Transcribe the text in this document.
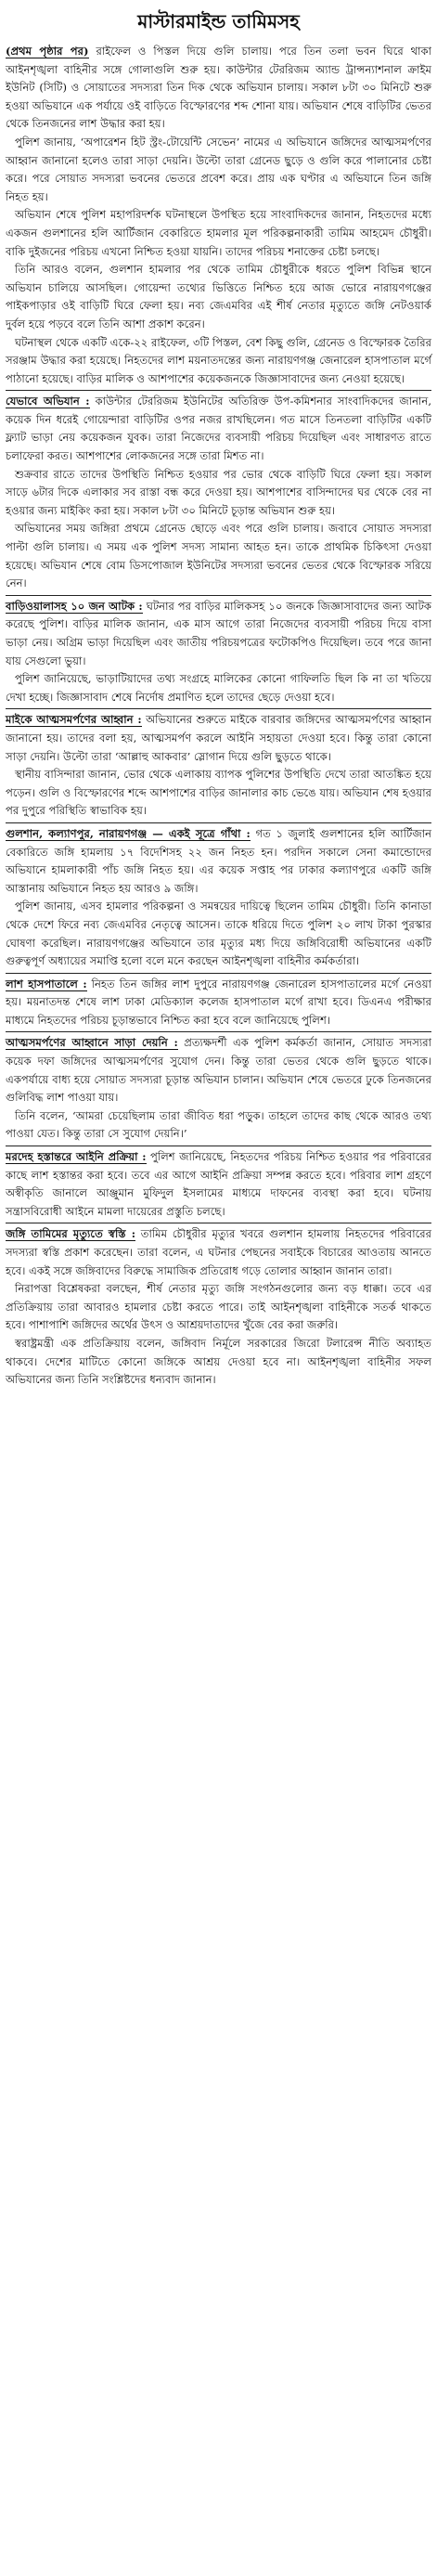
মাস্টারমাইন্ড তামিমসহ

(প্রথম পৃষ্ঠার পর) রাইফেল ও পিস্তল দিয়ে গুলি চালায়। পরে তিন তলা ভবন ঘিরে থাকা আইনশৃঙ্খলা বাহিনীর সঙ্গে গোলাগুলি শুরু হয়। কাউন্টার টেররিজম অ্যান্ড ট্রান্সন্যাশনাল ক্রাইম ইউনিট (সিটি) ও সোয়াতের সদস্যরা তিন দিক থেকে অভিযান চালায়। সকাল ৮টা ৩০ মিনিটে শুরু হওয়া অভিযানে এক পর্যায়ে ওই বাড়িতে বিস্ফোরণের শব্দ শোনা যায়। অভিযান শেষে বাড়িটির ভেতর থেকে তিনজনের লাশ উদ্ধার করা হয়।

পুলিশ জানায়, ‘অপারেশন হিট স্ট্রং-টোয়েন্টি সেভেন’ নামের এ অভিযানে জঙ্গিদের আত্মসমর্পণের আহ্বান জানানো হলেও তারা সাড়া দেয়নি। উল্টো তারা গ্রেনেড ছুড়ে ও গুলি করে পালানোর চেষ্টা করে। পরে সোয়াত সদস্যরা ভবনের ভেতরে প্রবেশ করে। প্রায় এক ঘণ্টার এ অভিযানে তিন জঙ্গি নিহত হয়।

অভিযান শেষে পুলিশ মহাপরিদর্শক ঘটনাস্থলে উপস্থিত হয়ে সাংবাদিকদের জানান, নিহতদের মধ্যে একজন গুলশানের হলি আর্টিজান বেকারিতে হামলার মূল পরিকল্পনাকারী তামিম আহমেদ চৌধুরী। বাকি দুইজনের পরিচয় এখনো নিশ্চিত হওয়া যায়নি। তাদের পরিচয় শনাক্তের চেষ্টা চলছে।

তিনি আরও বলেন, গুলশান হামলার পর থেকে তামিম চৌধুরীকে ধরতে পুলিশ বিভিন্ন স্থানে অভিযান চালিয়ে আসছিল। গোয়েন্দা তথ্যের ভিত্তিতে নিশ্চিত হয়ে আজ ভোরে নারায়ণগঞ্জের পাইকপাড়ার ওই বাড়িটি ঘিরে ফেলা হয়। নব্য জেএমবির এই শীর্ষ নেতার মৃত্যুতে জঙ্গি নেটওয়ার্ক দুর্বল হয়ে পড়বে বলে তিনি আশা প্রকাশ করেন।

ঘটনাস্থল থেকে একটি একে-২২ রাইফেল, ৩টি পিস্তল, বেশ কিছু গুলি, গ্রেনেড ও বিস্ফোরক তৈরির সরঞ্জাম উদ্ধার করা হয়েছে। নিহতদের লাশ ময়নাতদন্তের জন্য নারায়ণগঞ্জ জেনারেল হাসপাতাল মর্গে পাঠানো হয়েছে। বাড়ির মালিক ও আশপাশের কয়েকজনকে জিজ্ঞাসাবাদের জন্য নেওয়া হয়েছে।

যেভাবে অভিযান : কাউন্টার টেররিজম ইউনিটের অতিরিক্ত উপ-কমিশনার সাংবাদিকদের জানান, কয়েক দিন ধরেই গোয়েন্দারা বাড়িটির ওপর নজর রাখছিলেন। গত মাসে তিনতলা বাড়িটির একটি ফ্ল্যাট ভাড়া নেয় কয়েকজন যুবক। তারা নিজেদের ব্যবসায়ী পরিচয় দিয়েছিল এবং সাধারণত রাতে চলাফেরা করত। আশপাশের লোকজনের সঙ্গে তারা মিশত না।

শুক্রবার রাতে তাদের উপস্থিতি নিশ্চিত হওয়ার পর ভোর থেকে বাড়িটি ঘিরে ফেলা হয়। সকাল সাড়ে ৬টার দিকে এলাকার সব রাস্তা বন্ধ করে দেওয়া হয়। আশপাশের বাসিন্দাদের ঘর থেকে বের না হওয়ার জন্য মাইকিং করা হয়। সকাল ৮টা ৩০ মিনিটে চূড়ান্ত অভিযান শুরু হয়।

অভিযানের সময় জঙ্গিরা প্রথমে গ্রেনেড ছোড়ে এবং পরে গুলি চালায়। জবাবে সোয়াত সদস্যরা পাল্টা গুলি চালায়। এ সময় এক পুলিশ সদস্য সামান্য আহত হন। তাকে প্রাথমিক চিকিৎসা দেওয়া হয়েছে। অভিযান শেষে বোম ডিসপোজাল ইউনিটের সদস্যরা ভবনের ভেতর থেকে বিস্ফোরক সরিয়ে নেন।

বাড়িওয়ালাসহ ১০ জন আটক : ঘটনার পর বাড়ির মালিকসহ ১০ জনকে জিজ্ঞাসাবাদের জন্য আটক করেছে পুলিশ। বাড়ির মালিক জানান, এক মাস আগে তারা নিজেদের ব্যবসায়ী পরিচয় দিয়ে বাসা ভাড়া নেয়। অগ্রিম ভাড়া দিয়েছিল এবং জাতীয় পরিচয়পত্রের ফটোকপিও দিয়েছিল। তবে পরে জানা যায় সেগুলো ভুয়া।

পুলিশ জানিয়েছে, ভাড়াটিয়াদের তথ্য সংগ্রহে মালিকের কোনো গাফিলতি ছিল কি না তা খতিয়ে দেখা হচ্ছে। জিজ্ঞাসাবাদ শেষে নির্দোষ প্রমাণিত হলে তাদের ছেড়ে দেওয়া হবে।

মাইকে আত্মসমর্পণের আহ্বান : অভিযানের শুরুতে মাইকে বারবার জঙ্গিদের আত্মসমর্পণের আহ্বান জানানো হয়। তাদের বলা হয়, আত্মসমর্পণ করলে আইনি সহায়তা দেওয়া হবে। কিন্তু তারা কোনো সাড়া দেয়নি। উল্টো তারা ‘আল্লাহু আকবার’ স্লোগান দিয়ে গুলি ছুড়তে থাকে।

স্থানীয় বাসিন্দারা জানান, ভোর থেকে এলাকায় ব্যাপক পুলিশের উপস্থিতি দেখে তারা আতঙ্কিত হয়ে পড়েন। গুলি ও বিস্ফোরণের শব্দে আশপাশের বাড়ির জানালার কাচ ভেঙে যায়। অভিযান শেষ হওয়ার পর দুপুরে পরিস্থিতি স্বাভাবিক হয়।

গুলশান, কল্যাণপুর, নারায়ণগঞ্জ — একই সূত্রে গাঁথা : গত ১ জুলাই গুলশানের হলি আর্টিজান বেকারিতে জঙ্গি হামলায় ১৭ বিদেশিসহ ২২ জন নিহত হন। পরদিন সকালে সেনা কমান্ডোদের অভিযানে হামলাকারী পাঁচ জঙ্গি নিহত হয়। এর কয়েক সপ্তাহ পর ঢাকার কল্যাণপুরে একটি জঙ্গি আস্তানায় অভিযানে নিহত হয় আরও ৯ জঙ্গি।

পুলিশ জানায়, এসব হামলার পরিকল্পনা ও সমন্বয়ের দায়িত্বে ছিলেন তামিম চৌধুরী। তিনি কানাডা থেকে দেশে ফিরে নব্য জেএমবির নেতৃত্বে আসেন। তাকে ধরিয়ে দিতে পুলিশ ২০ লাখ টাকা পুরস্কার ঘোষণা করেছিল। নারায়ণগঞ্জের অভিযানে তার মৃত্যুর মধ্য দিয়ে জঙ্গিবিরোধী অভিযানের একটি গুরুত্বপূর্ণ অধ্যায়ের সমাপ্তি হলো বলে মনে করছেন আইনশৃঙ্খলা বাহিনীর কর্মকর্তারা।

লাশ হাসপাতালে : নিহত তিন জঙ্গির লাশ দুপুরে নারায়ণগঞ্জ জেনারেল হাসপাতালের মর্গে নেওয়া হয়। ময়নাতদন্ত শেষে লাশ ঢাকা মেডিক্যাল কলেজ হাসপাতাল মর্গে রাখা হবে। ডিএনএ পরীক্ষার মাধ্যমে নিহতদের পরিচয় চূড়ান্তভাবে নিশ্চিত করা হবে বলে জানিয়েছে পুলিশ।

আত্মসমর্পণের আহ্বানে সাড়া দেয়নি : প্রত্যক্ষদর্শী এক পুলিশ কর্মকর্তা জানান, সোয়াত সদস্যরা কয়েক দফা জঙ্গিদের আত্মসমর্পণের সুযোগ দেন। কিন্তু তারা ভেতর থেকে গুলি ছুড়তে থাকে। একপর্যায়ে বাধ্য হয়ে সোয়াত সদস্যরা চূড়ান্ত অভিযান চালান। অভিযান শেষে ভেতরে ঢুকে তিনজনের গুলিবিদ্ধ লাশ পাওয়া যায়।

তিনি বলেন, ‘আমরা চেয়েছিলাম তারা জীবিত ধরা পড়ুক। তাহলে তাদের কাছ থেকে আরও তথ্য পাওয়া যেত। কিন্তু তারা সে সুযোগ দেয়নি।’

মরদেহ হস্তান্তরে আইনি প্রক্রিয়া : পুলিশ জানিয়েছে, নিহতদের পরিচয় নিশ্চিত হওয়ার পর পরিবারের কাছে লাশ হস্তান্তর করা হবে। তবে এর আগে আইনি প্রক্রিয়া সম্পন্ন করতে হবে। পরিবার লাশ গ্রহণে অস্বীকৃতি জানালে আঞ্জুমান মুফিদুল ইসলামের মাধ্যমে দাফনের ব্যবস্থা করা হবে। ঘটনায় সন্ত্রাসবিরোধী আইনে মামলা দায়েরের প্রস্তুতি চলছে।

জঙ্গি তামিমের মৃত্যুতে স্বস্তি : তামিম চৌধুরীর মৃত্যুর খবরে গুলশান হামলায় নিহতদের পরিবারের সদস্যরা স্বস্তি প্রকাশ করেছেন। তারা বলেন, এ ঘটনার পেছনের সবাইকে বিচারের আওতায় আনতে হবে। একই সঙ্গে জঙ্গিবাদের বিরুদ্ধে সামাজিক প্রতিরোধ গড়ে তোলার আহ্বান জানান তারা।

নিরাপত্তা বিশ্লেষকরা বলছেন, শীর্ষ নেতার মৃত্যু জঙ্গি সংগঠনগুলোর জন্য বড় ধাক্কা। তবে এর প্রতিক্রিয়ায় তারা আবারও হামলার চেষ্টা করতে পারে। তাই আইনশৃঙ্খলা বাহিনীকে সতর্ক থাকতে হবে। পাশাপাশি জঙ্গিদের অর্থের উৎস ও আশ্রয়দাতাদের খুঁজে বের করা জরুরি।

স্বরাষ্ট্রমন্ত্রী এক প্রতিক্রিয়ায় বলেন, জঙ্গিবাদ নির্মূলে সরকারের জিরো টলারেন্স নীতি অব্যাহত থাকবে। দেশের মাটিতে কোনো জঙ্গিকে আশ্রয় দেওয়া হবে না। আইনশৃঙ্খলা বাহিনীর সফল অভিযানের জন্য তিনি সংশ্লিষ্টদের ধন্যবাদ জানান।
